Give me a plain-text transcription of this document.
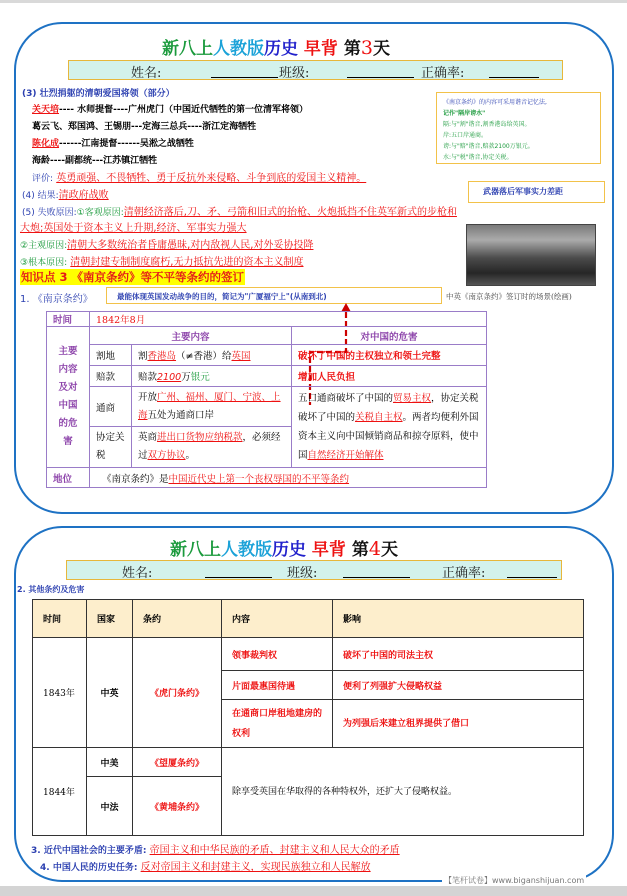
新八上人教版历史 早背 第3天
姓名:	班级:	正确率:
(3) 壮烈捐躯的清朝爱国将领（部分）
关天培---- 水师提督----广州虎门（中国近代牺牲的第一位清军将领）
葛云飞、郑国鸿、王锡朋---定海三总兵----浙江定海牺牲
陈化成------江南提督------吴淞之战牺牲
海龄----副都统---江苏镇江牺牲
评价: 英勇顽强、不畏牺牲、勇于反抗外来侵略、斗争到底的爱国主义精神。
《南京条约》的内容可采用谐音记忆法,
记作"隔岸谤水"
隔:与"割"谐音,割香港岛给英国。
岸:五口岸通商。
谤:与"赔"谐音,赔款2100万银元。
水:与"税"谐音,协定关税。
(4) 结果:清政府战败	武器落后军事实力差距
(5) 失败原因:①客观原因:清朝经济落后,刀、矛、弓箭和旧式的抬枪、火炮抵挡不住英军新式的步枪和
大炮;英国处于资本主义上升期,经济、军事实力强大
②主观原因:清朝大多数统治者昏庸愚昧,对内敌视人民,对外妥协投降
③根本原因: 清朝封建专制制度腐朽,无力抵抗先进的资本主义制度
知识点 3 《南京条约》等不平等条约的签订
中英《南京条约》签订时的场景(绘画)
1. 《南京条约》	最能体现英国发动战争的目的，简记为"广厦福宁上"(从南到北)
时间	1842年8月		
主要内容及对中国的危害	主要内容		对中国的危害
	割地	割香港岛（≠香港）给英国	破坏了中国的主权独立和领土完整
	赔款	赔款2100万银元	增加人民负担
	通商	开放广州、福州、厦门、宁波、上海五处为通商口岸	五口通商破坏了中国的贸易主权，协定关税破坏了中国的关税自主权。两者均便利外国资本主义向中国倾销商品和掠夺原料，使中国自然经济开始解体
	协定关税	英商进出口货物应纳税款，必须经过双方协议。	
地位	《南京条约》是中国近代史上第一个丧权辱国的不平等条约		
新八上人教版历史 早背 第4天
姓名:	班级:	正确率:
2. 其他条约及危害
时间	国家	条约	内容	影响
1843年	中英	《虎门条约》	领事裁判权	破坏了中国的司法主权
			片面最惠国待遇	便利了列强扩大侵略权益
			在通商口岸租地建房的权利	为列强后来建立租界提供了借口
1844年	中美	《望厦条约》	除享受英国在华取得的各种特权外，还扩大了侵略权益。	
	中法	《黄埔条约》		
3. 近代中国社会的主要矛盾: 帝国主义和中华民族的矛盾、封建主义和人民大众的矛盾
4. 中国人民的历史任务: 反对帝国主义和封建主义，实现民族独立和人民解放
【笔杆试卷】www.biganshijuan.com
